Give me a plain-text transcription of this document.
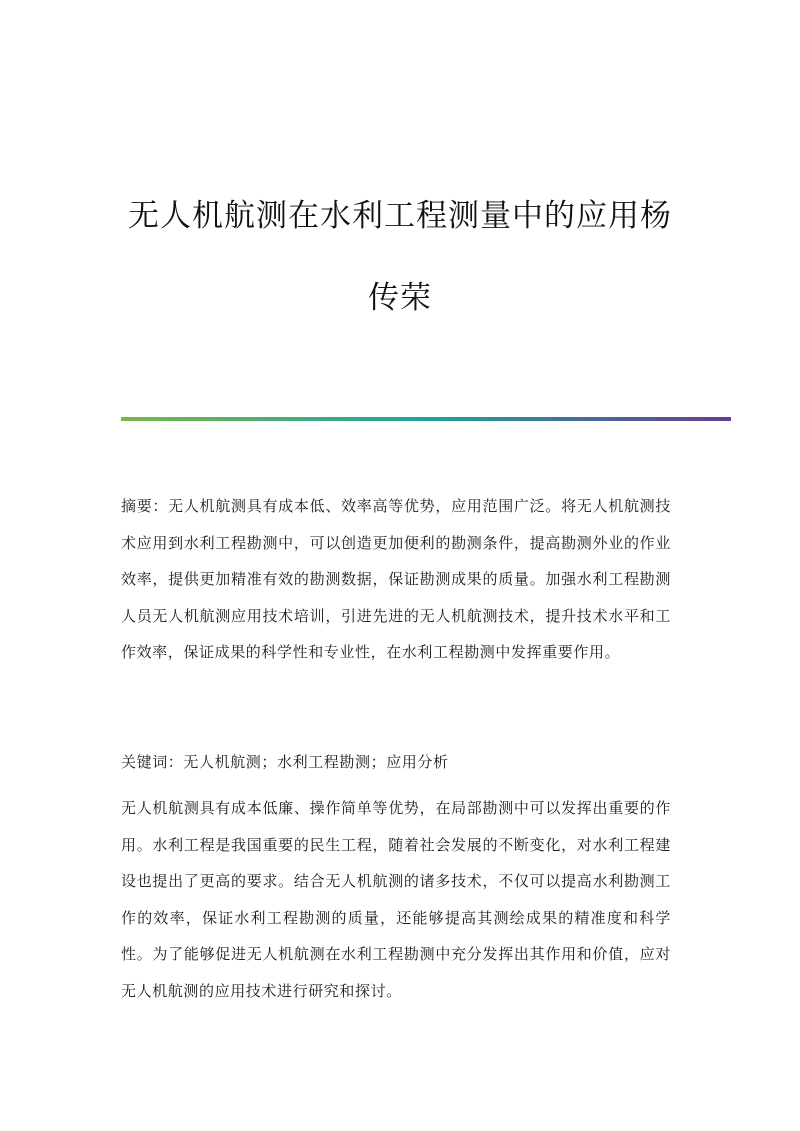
无人机航测在水利工程测量中的应用杨
传荣

摘要：无人机航测具有成本低、效率高等优势，应用范围广泛。将无人机航测技术应用到水利工程勘测中，可以创造更加便利的勘测条件，提高勘测外业的作业效率，提供更加精准有效的勘测数据，保证勘测成果的质量。加强水利工程勘测人员无人机航测应用技术培训，引进先进的无人机航测技术，提升技术水平和工作效率，保证成果的科学性和专业性，在水利工程勘测中发挥重要作用。

关键词：无人机航测；水利工程勘测；应用分析

无人机航测具有成本低廉、操作简单等优势，在局部勘测中可以发挥出重要的作用。水利工程是我国重要的民生工程，随着社会发展的不断变化，对水利工程建设也提出了更高的要求。结合无人机航测的诸多技术，不仅可以提高水利勘测工作的效率，保证水利工程勘测的质量，还能够提高其测绘成果的精准度和科学性。为了能够促进无人机航测在水利工程勘测中充分发挥出其作用和价值，应对无人机航测的应用技术进行研究和探讨。
